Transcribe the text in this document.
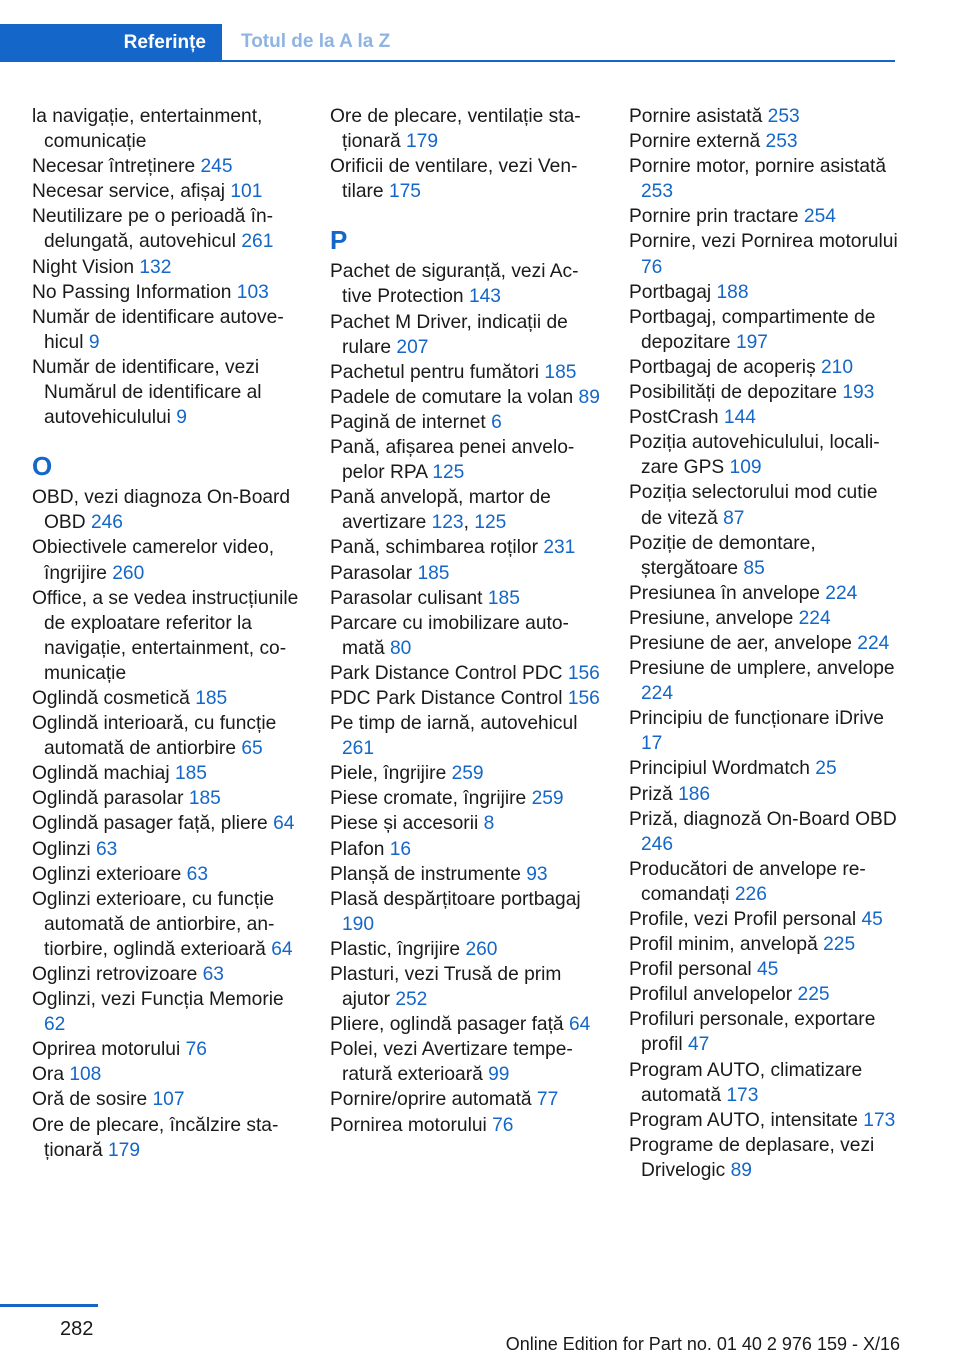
Referințe	Totul de la A la Z
la navigație, entertainment, comunicație
Necesar întreținere 245
Necesar service, afișaj 101
Neutilizare pe o perioadă îndelungată, autovehicul 261
Night Vision 132
No Passing Information 103
Număr de identificare autovehicul 9
Număr de identificare, vezi Numărul de identificare al autovehiculului 9
O
OBD, vezi diagnoza On-Board OBD 246
Obiectivele camerelor video, îngrijire 260
Office, a se vedea instrucțiunile de exploatare referitor la navigație, entertainment, comunicație
Oglindă cosmetică 185
Oglindă interioară, cu funcție automată de antiorbire 65
Oglindă machiaj 185
Oglindă parasolar 185
Oglindă pasager față, pliere 64
Oglinzi 63
Oglinzi exterioare 63
Oglinzi exterioare, cu funcție automată de antiorbire, antiorbire, oglindă exterioară 64
Oglinzi retrovizoare 63
Oglinzi, vezi Funcția Memorie 62
Oprirea motorului 76
Ora 108
Oră de sosire 107
Ore de plecare, încălzire staționară 179
Ore de plecare, ventilație staționară 179
Orificii de ventilare, vezi Ventilare 175
P
Pachet de siguranță, vezi Active Protection 143
Pachet M Driver, indicații de rulare 207
Pachetul pentru fumători 185
Padele de comutare la volan 89
Pagină de internet 6
Pană, afișarea penei anvelopelor RPA 125
Pană anvelopă, martor de avertizare 123, 125
Pană, schimbarea roților 231
Parasolar 185
Parasolar culisant 185
Parcare cu imobilizare automată 80
Park Distance Control PDC 156
PDC Park Distance Control 156
Pe timp de iarnă, autovehicul 261
Piele, îngrijire 259
Piese cromate, îngrijire 259
Piese și accesorii 8
Plafon 16
Planșă de instrumente 93
Plasă despărțitoare portbagaj 190
Plastic, îngrijire 260
Plasturi, vezi Trusă de prim ajutor 252
Pliere, oglindă pasager față 64
Polei, vezi Avertizare temperatură exterioară 99
Pornire/oprire automată 77
Pornirea motorului 76
Pornire asistată 253
Pornire externă 253
Pornire motor, pornire asistată 253
Pornire prin tractare 254
Pornire, vezi Pornirea motorului 76
Portbagaj 188
Portbagaj, compartimente de depozitare 197
Portbagaj de acoperiș 210
Posibilități de depozitare 193
PostCrash 144
Poziția autovehiculului, localizare GPS 109
Poziția selectorului mod cutie de viteză 87
Poziție de demontare, ștergătoare 85
Presiunea în anvelope 224
Presiune, anvelope 224
Presiune de aer, anvelope 224
Presiune de umplere, anvelope 224
Principiu de funcționare iDrive 17
Principiul Wordmatch 25
Priză 186
Priză, diagnoză On-Board OBD 246
Producători de anvelope recomandați 226
Profile, vezi Profil personal 45
Profil minim, anvelopă 225
Profil personal 45
Profilul anvelopelor 225
Profiluri personale, exportare profil 47
Program AUTO, climatizare automată 173
Program AUTO, intensitate 173
Programe de deplasare, vezi Drivelogic 89
282
Online Edition for Part no. 01 40 2 976 159 - X/16
